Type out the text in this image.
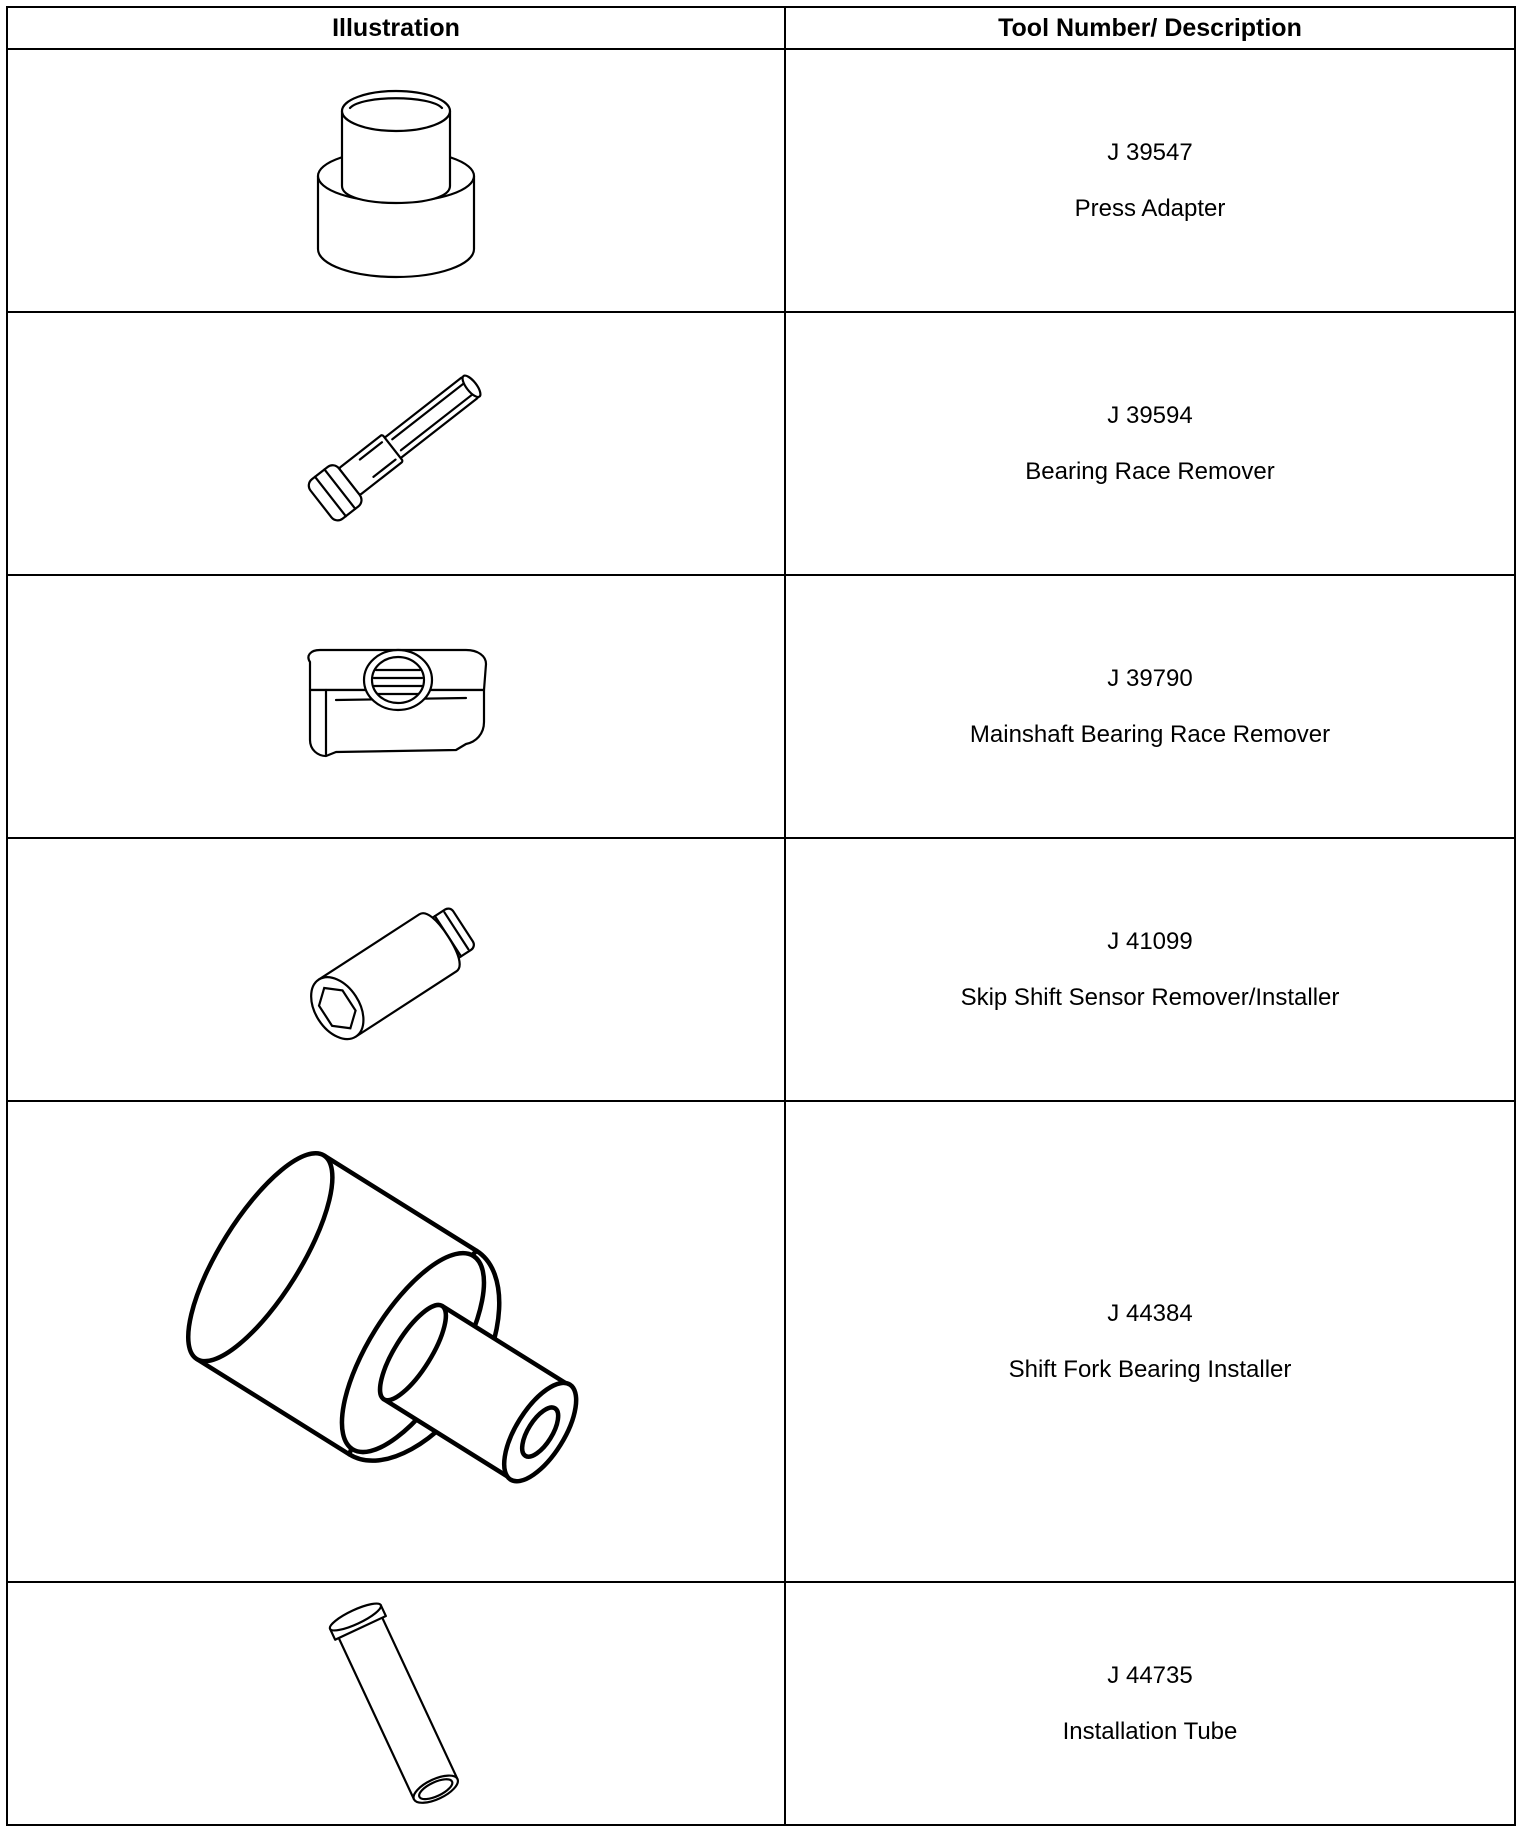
Illustration	Tool Number/ Description

J 39547
Press Adapter

J 39594
Bearing Race Remover

J 39790
Mainshaft Bearing Race Remover

J 41099
Skip Shift Sensor Remover/Installer

J 44384
Shift Fork Bearing Installer

J 44735
Installation Tube
